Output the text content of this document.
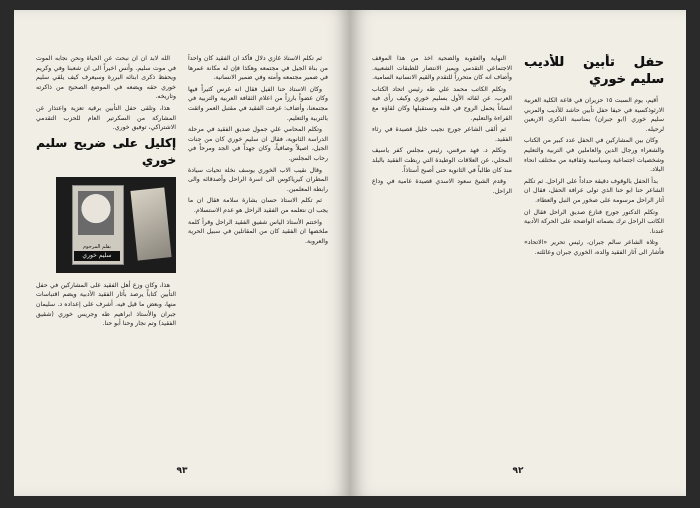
ثم تكلم الاستاذ غازي دلال فأكد ان الفقيد كان واحداً من بناة الجيل في مجتمعه وهكذا فإن له مكانة عمرها في ضمير مجتمعه وأمته وفي ضمير الانسانية.

وكان الاستاذ حنا الفيل فقال انه غرس كثيراً فيها وكان عضواً بارزاً من اعلام الثقافة العربية والتربية في مجتمعنا، وأضاف: عرفت الفقيد في مقتبل العمر واثقت بالتربية والتعليم.

وتكلم المحامي علي جمول صديق الفقيد في مرحلة الدراسة الثانوية، فقال ان سليم خوري كان من جنات الجيل، اصيلاً وصافياً، وكان جهداً في الجد ومرحاً في رحاب المجلس.

وقال نقيب الاب الخوري يوسف نخلة تحيات سيادة المطران كيرياكوس الى اسرة الراحل وأصدقائه والى رابطة المعلمين.

ثم تكلم الاستاذ حسان بشارة سلامة فقال ان ما يجب ان نتعلمه من الفقيد الراحل هو عدم الاستسلام.

واختتم الأستاذ الياس شفيق الفقيد الراحل وقرأ كلمة ملخصها ان الفقيد كان من المقاتلين في سبيل الحرية والعروبة.

الله لابد ان ان نبحث عن الحياة ونحن نجابه الموت في موت سليم. وأنس اخيراً الى ان شعبنا وفي وكريم ويحفظ ذكرى ابنائه البررة وسيعرف كيف يلقي سليم خوري حقه ويضعه في الموضع الصحيح من ذاكرته وتاريخه.

هذا، وتلقى حفل التأبين برقية تعزية واعتذار عن المشاركة من السكرتير العام للحزب التقدمي الاشتراكي، توفيق خوري.

إكليل على ضريح سليم خوري
بقلم المرحوم
سليم خوري

هذا، وكان وزع أهل الفقيد على المشاركين في حفل التأبين كتاباً يرصد بأثار الفقيد الأدبية ويضم اقتباسات منها، وبعض ما قيل فيه. أشرف على إعداده د. سليمان جبران والأستاذ ابراهيم طه وجريس خوري (شقيق الفقيد) وتم نجار وحنا أبو حنا.

٩٣
حفل تأبين للأديب سليم خوري

أقيم، يوم السبت ١٥ حزيران في قاعة الكلية العربية الارثوذكسية في حيفا حفل تأبين حاشد للأديب والمربي سليم خوري (ابو جبران) بمناسبة الذكرى الاربعين لرحيله.

وكان بين المشاركين في الحفل عدد كبير من الكتاب والشعراء ورجال الدين والعاملين في التربية والتعليم وشخصيات اجتماعية وسياسية وثقافية من مختلف انحاء البلاد.

بدأ الحفل بالوقوف دقيقة حداداً على الراحل. ثم تكلم الشاعر حنا ابو حنا الذي تولى عرافة الحفل، فقال ان آثار الراحل مرسومة على صخور من النبل والعطاء.

وتكلم الدكتور جورج قنازع صديق الراحل فقال ان الكاتب الراحل ترك بصماته الواضحة على الحركة الأدبية عندنا.

وتلاه الشاعر سالم جبران، رئيس تحرير «الاتحاد» فأشار الى آثار الفقيد والده، الخوري جبران وعائلته.

النهاية والعقوبة والضحية اخذ من هذا الموقف الاجتماعي التقدمي ويميز الانتصار للطبقات الشعبية. وأضاف انه كان متحرراً للتقدم والقيم الانسانية السامية.

وتكلم الكاتب محمد علي طه رئيس اتحاد الكتاب العرب، عن لقائه الأول بسليم خوري وكيف رأى فيه انساناً يحمل الروح في قلبه وتستقبلها وكان لقاؤه مع القراءة والتعليم.

ثم ألقى الشاعر جورج نجيب خليل قصيدة في رثاء الفقيد.

وتكلم د. فهد مرقس، رئيس مجلس كفر ياسيف المحلي، عن العلاقات الوطيدة التي ربطت الفقيد بالبلد منذ كان طالباً في الثانوية حتى أصبح أستاذاً.

وقدم الشيخ سعود الاسدي قصيدة عامية في وداع الراحل.

٩٢
